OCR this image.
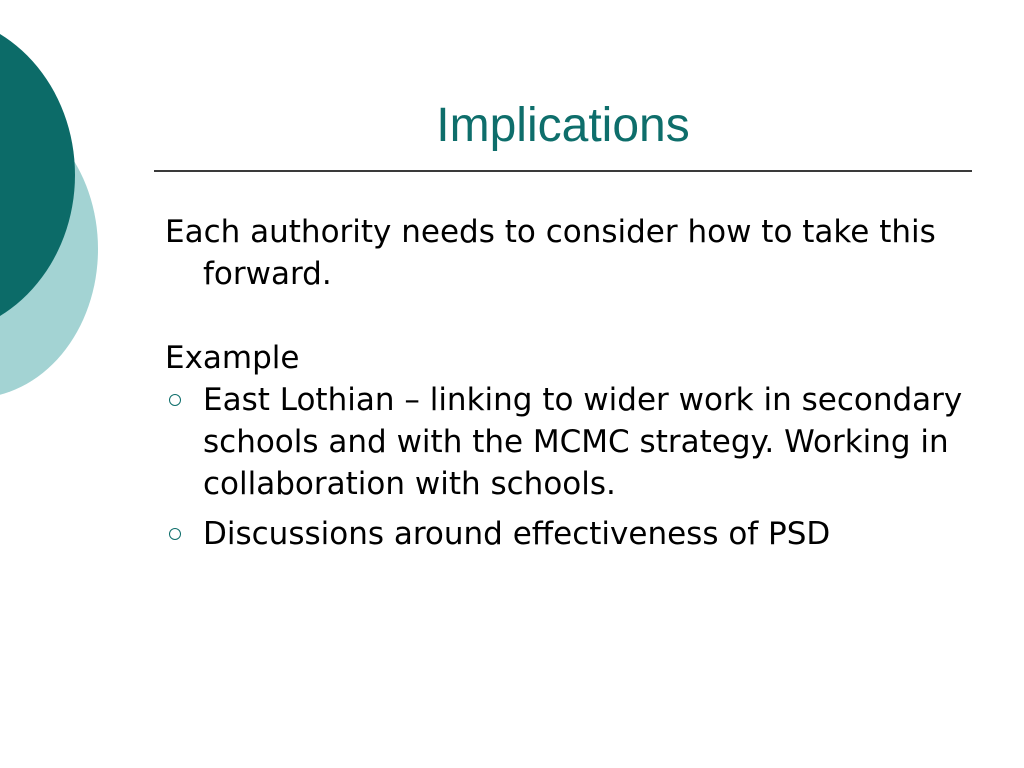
Implications

Each authority needs to consider how to take this forward.

Example

East Lothian – linking to wider work in secondary schools and with the MCMC strategy. Working in collaboration with schools.
Discussions around effectiveness of PSD
